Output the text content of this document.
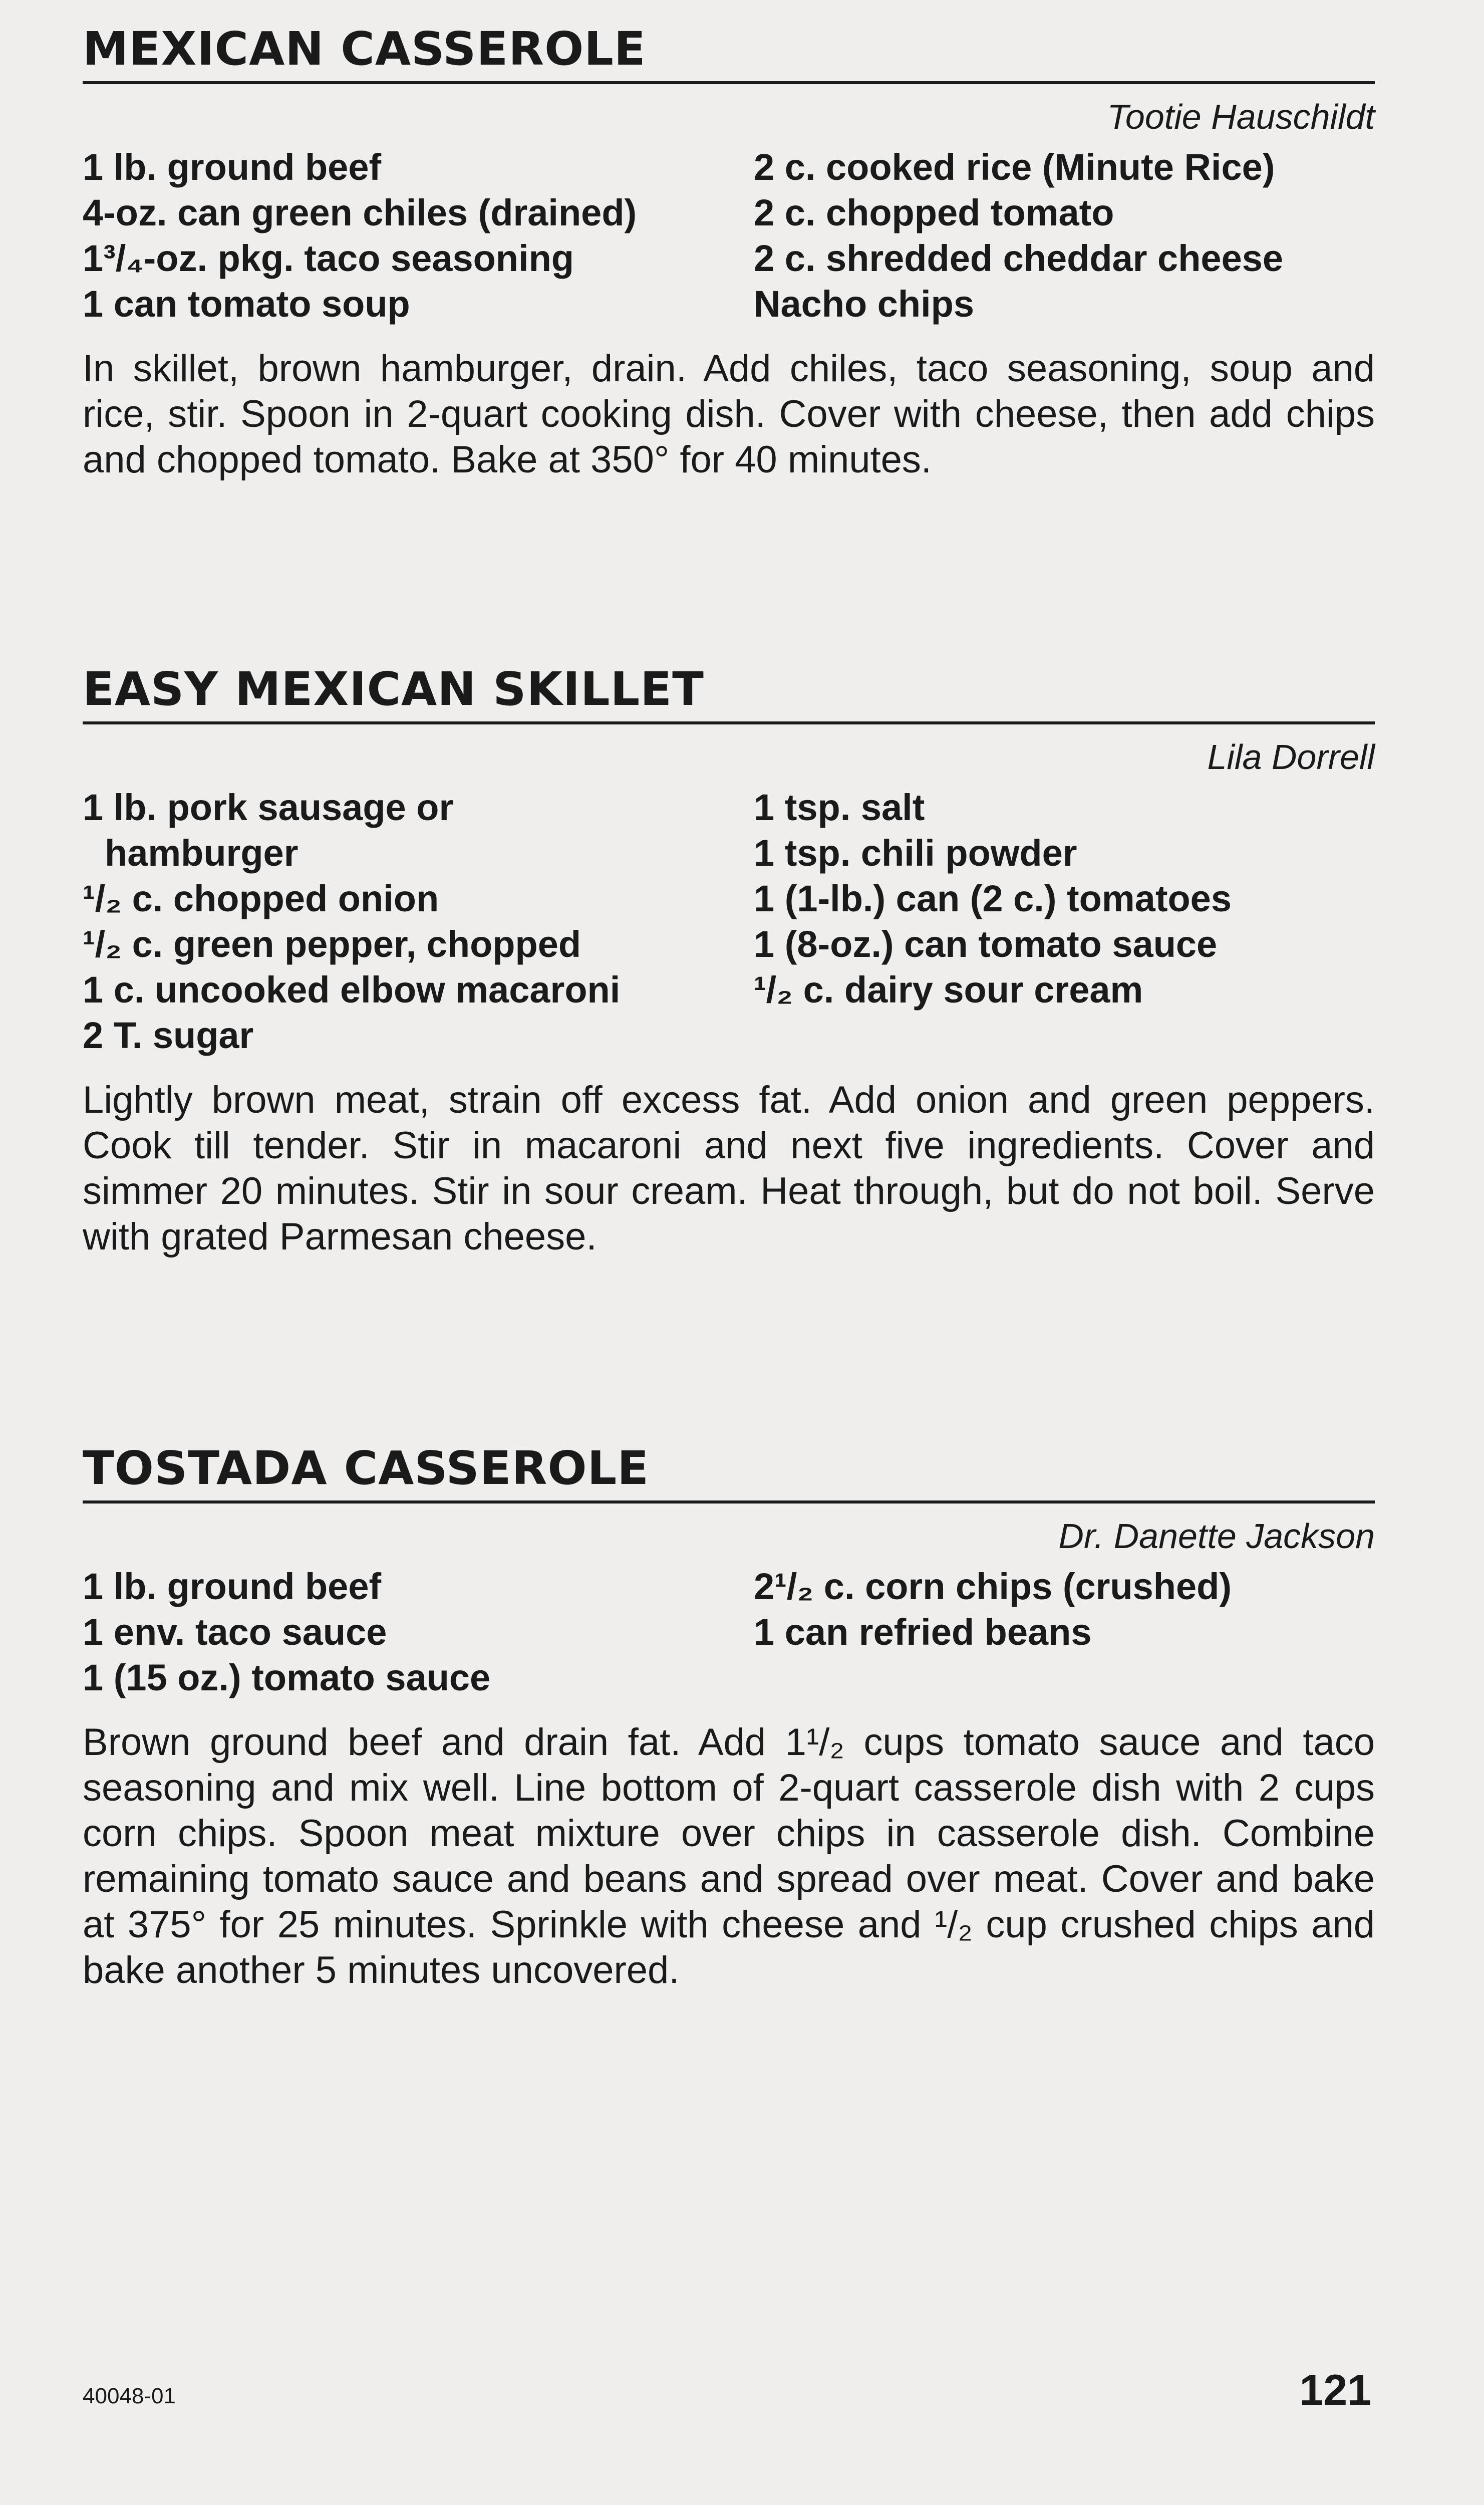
MEXICAN CASSEROLE
Tootie Hauschildt
1 lb. ground beef
4-oz. can green chiles (drained)
1³/₄-oz. pkg. taco seasoning
1 can tomato soup
2 c. cooked rice (Minute Rice)
2 c. chopped tomato
2 c. shredded cheddar cheese
Nacho chips

In skillet, brown hamburger, drain. Add chiles, taco seasoning, soup and rice, stir. Spoon in 2-quart cooking dish. Cover with cheese, then add chips and chopped tomato. Bake at 350° for 40 minutes.

EASY MEXICAN SKILLET
Lila Dorrell
1 lb. pork sausage or
hamburger
¹/₂ c. chopped onion
¹/₂ c. green pepper, chopped
1 c. uncooked elbow macaroni
2 T. sugar
1 tsp. salt
1 tsp. chili powder
1 (1-lb.) can (2 c.) tomatoes
1 (8-oz.) can tomato sauce
¹/₂ c. dairy sour cream

Lightly brown meat, strain off excess fat. Add onion and green peppers. Cook till tender. Stir in macaroni and next five ingredients. Cover and simmer 20 minutes. Stir in sour cream. Heat through, but do not boil. Serve with grated Parmesan cheese.

TOSTADA CASSEROLE
Dr. Danette Jackson
1 lb. ground beef
1 env. taco sauce
1 (15 oz.) tomato sauce
2¹/₂ c. corn chips (crushed)
1 can refried beans

Brown ground beef and drain fat. Add 1¹/₂ cups tomato sauce and taco seasoning and mix well. Line bottom of 2-quart casserole dish with 2 cups corn chips. Spoon meat mixture over chips in casserole dish. Combine remaining tomato sauce and beans and spread over meat. Cover and bake at 375° for 25 minutes. Sprinkle with cheese and ¹/₂ cup crushed chips and bake another 5 minutes uncovered.

40048-01	121
